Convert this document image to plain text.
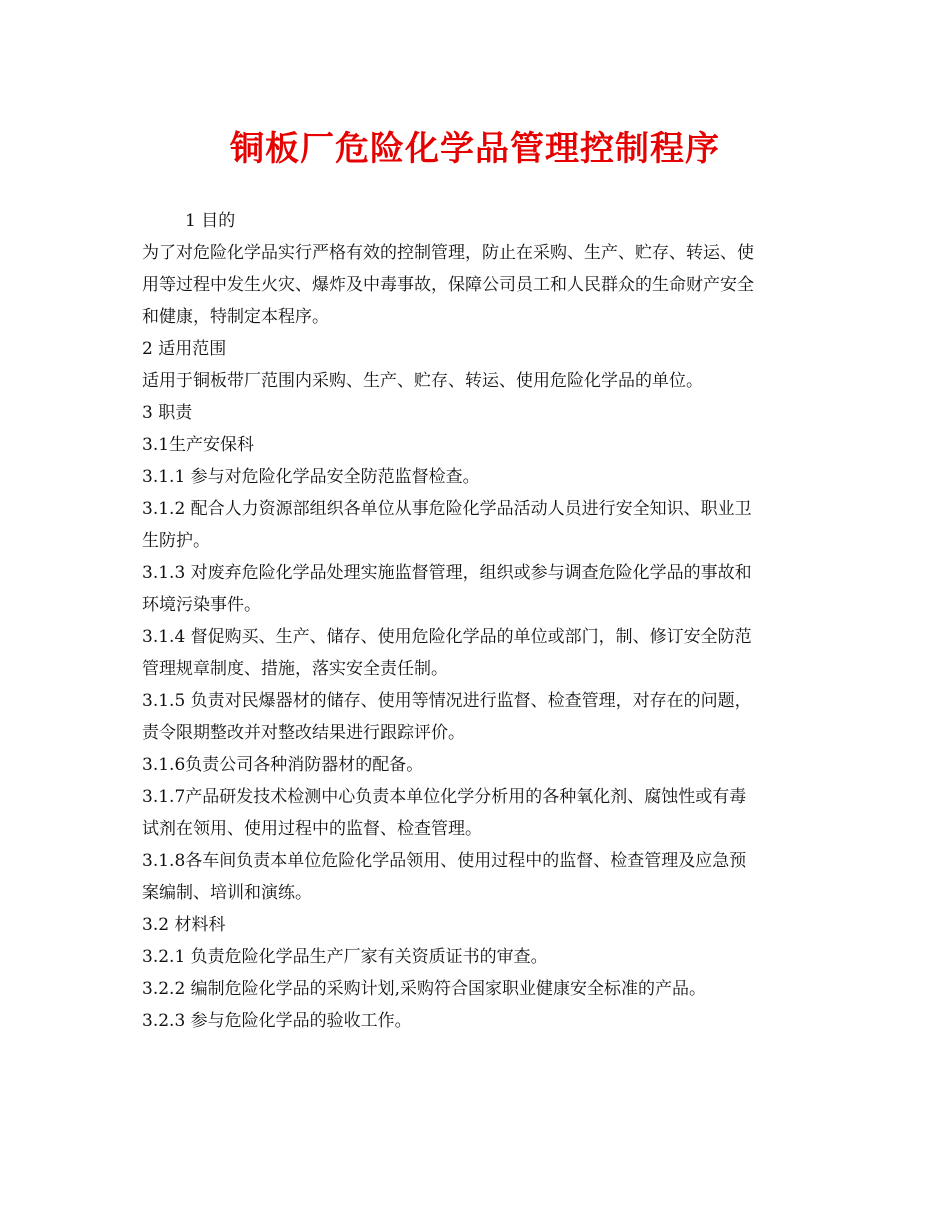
铜板厂危险化学品管理控制程序
1 目的
为了对危险化学品实行严格有效的控制管理，防止在采购、生产、贮存、转运、使
用等过程中发生火灾、爆炸及中毒事故，保障公司员工和人民群众的生命财产安全
和健康，特制定本程序。
2 适用范围
适用于铜板带厂范围内采购、生产、贮存、转运、使用危险化学品的单位。
3 职责
3.1生产安保科
3.1.1 参与对危险化学品安全防范监督检查。
3.1.2 配合人力资源部组织各单位从事危险化学品活动人员进行安全知识、职业卫
生防护。
3.1.3 对废弃危险化学品处理实施监督管理，组织或参与调查危险化学品的事故和
环境污染事件。
3.1.4 督促购买、生产、储存、使用危险化学品的单位或部门，制、修订安全防范
管理规章制度、措施，落实安全责任制。
3.1.5 负责对民爆器材的储存、使用等情况进行监督、检查管理，对存在的问题，
责令限期整改并对整改结果进行跟踪评价。
3.1.6负责公司各种消防器材的配备。
3.1.7产品研发技术检测中心负责本单位化学分析用的各种氧化剂、腐蚀性或有毒
试剂在领用、使用过程中的监督、检查管理。
3.1.8各车间负责本单位危险化学品领用、使用过程中的监督、检查管理及应急预
案编制、培训和演练。
3.2 材料科
3.2.1 负责危险化学品生产厂家有关资质证书的审查。
3.2.2 编制危险化学品的采购计划,采购符合国家职业健康安全标准的产品。
3.2.3 参与危险化学品的验收工作。
